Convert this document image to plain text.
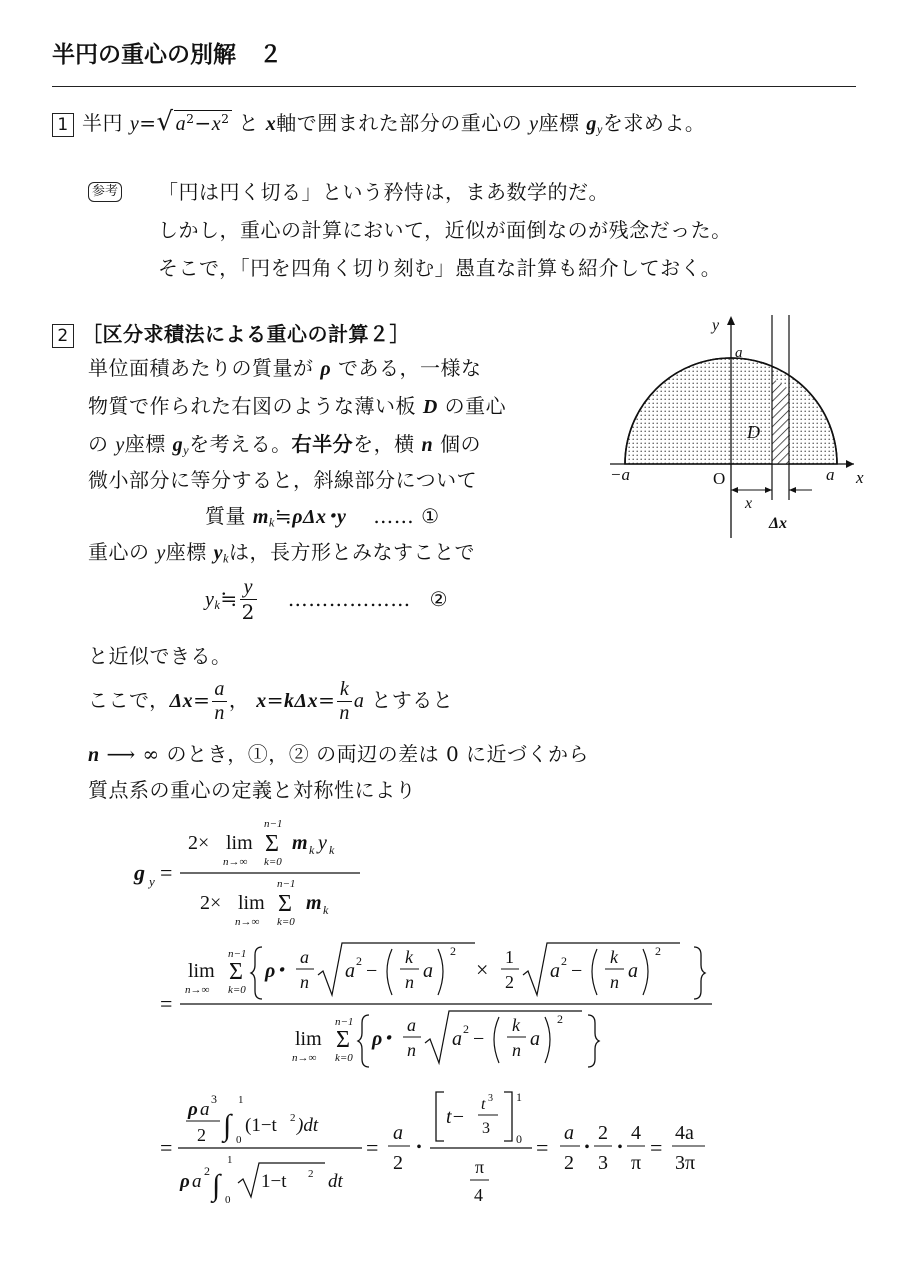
半円の重心の別解　２
1 半円 y=√ $a^2-x^2$ と x軸で囲まれた部分の重心の y座標 $g_y$を求めよ。
参考 「円は円く切る」という矜恃は，まあ数学的だ。
しかし，重心の計算において，近似が面倒なのが残念だった。
そこで，「円を四角く切り刻む」愚直な計算も紹介しておく。
2 ［区分求積法による重心の計算２］
単位面積あたりの質量が ρ である，一様な
物質で作られた右図のような薄い板 D の重心
の y座標 $g_y$を考える。右半分を，横 n 個の
微小部分に等分すると，斜線部分について
質量 $m_k≒\rho\Delta x$･y …… ①
重心の y座標 $y_k$は，長方形とみなすことで
$y_k≒ \frac{y}{2}$ ……………… ②
と近似できる。
ここで，$\Delta x= \frac{a}{n}$ ， $x=k\Delta x= \frac{k}{n}$ a とすると
n ⟶ ∞ のとき，①，② の両辺の差は 0 に近づくから
質点系の重心の定義と対称性により
g y =
2× lim
n→∞
n−1
Σ
k=0
m k y k
2× lim
n→∞
n−1
Σ
k=0
m k
=
lim
n→∞
n−1
Σ
k=0
ρ･
a
n a 2 −
k
n a
2
× 1
2 a 2 −
k
n a
2
lim
n→∞
n−1
Σ
k=0
ρ･
a
n a 2 −
k
n a
2
=
ρ a 3
2 ∫
1
0
(1−t 2 )dt
ρ a 2 ∫
1
0
1−t 2 dt
=
a
2
･
t−
t 3
3
1
0
π
4
=
a
2
･
2
3
･
4
π
=
4a
3π
y
x
O
−a	a
a
D
x
Δx
